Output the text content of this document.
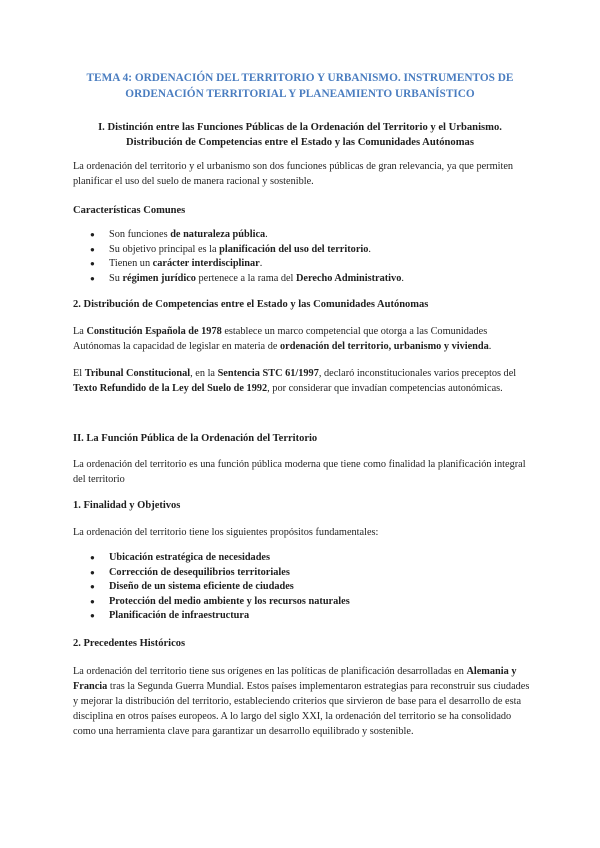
TEMA 4: ORDENACIÓN DEL TERRITORIO Y URBANISMO. INSTRUMENTOS DE
ORDENACIÓN TERRITORIAL Y PLANEAMIENTO URBANÍSTICO
I. Distinción entre las Funciones Públicas de la Ordenación del Territorio y el Urbanismo.
Distribución de Competencias entre el Estado y las Comunidades Autónomas
La ordenación del territorio y el urbanismo son dos funciones públicas de gran relevancia, ya que permiten planificar el uso del suelo de manera racional y sostenible.
Características Comunes
● Son funciones de naturaleza pública.
● Su objetivo principal es la planificación del uso del territorio.
● Tienen un carácter interdisciplinar.
● Su régimen jurídico pertenece a la rama del Derecho Administrativo.
2. Distribución de Competencias entre el Estado y las Comunidades Autónomas
La Constitución Española de 1978 establece un marco competencial que otorga a las Comunidades Autónomas la capacidad de legislar en materia de ordenación del territorio, urbanismo y vivienda.
El Tribunal Constitucional, en la Sentencia STC 61/1997, declaró inconstitucionales varios preceptos del Texto Refundido de la Ley del Suelo de 1992, por considerar que invadían competencias autonómicas.
II. La Función Pública de la Ordenación del Territorio
La ordenación del territorio es una función pública moderna que tiene como finalidad la planificación integral del territorio
1. Finalidad y Objetivos
La ordenación del territorio tiene los siguientes propósitos fundamentales:
● Ubicación estratégica de necesidades
● Corrección de desequilibrios territoriales
● Diseño de un sistema eficiente de ciudades
● Protección del medio ambiente y los recursos naturales
● Planificación de infraestructura
2. Precedentes Históricos
La ordenación del territorio tiene sus orígenes en las políticas de planificación desarrolladas en Alemania y Francia tras la Segunda Guerra Mundial. Estos países implementaron estrategias para reconstruir sus ciudades y mejorar la distribución del territorio, estableciendo criterios que sirvieron de base para el desarrollo de esta disciplina en otros países europeos. A lo largo del siglo XXI, la ordenación del territorio se ha consolidado como una herramienta clave para garantizar un desarrollo equilibrado y sostenible.
